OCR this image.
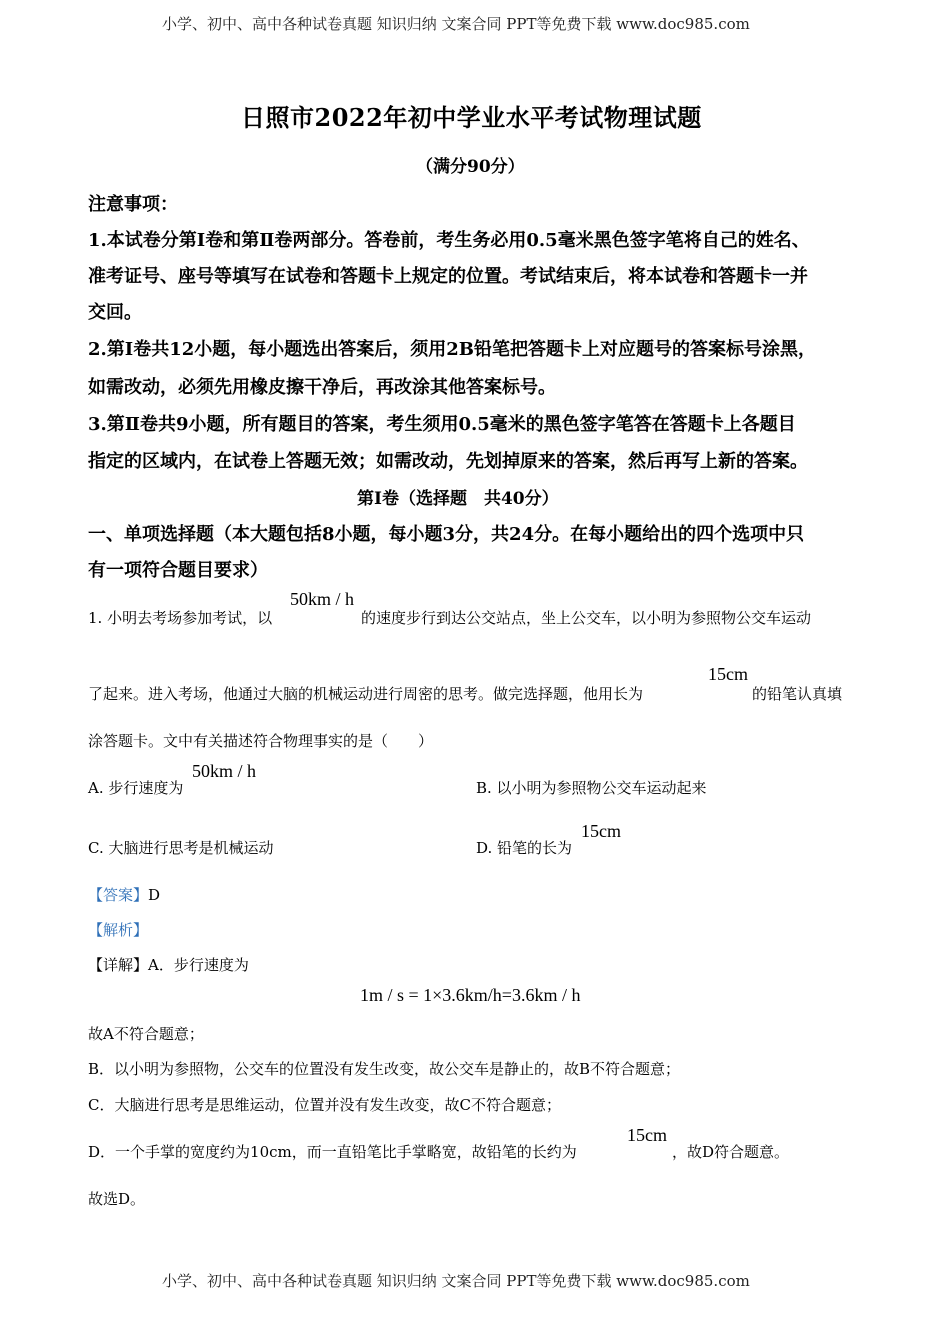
小学、初中、高中各种试卷真题 知识归纳 文案合同 PPT等免费下载 www.doc985.com
日照市2022年初中学业水平考试物理试题
（满分90分）
注意事项：
1.本试卷分第Ⅰ卷和第Ⅱ卷两部分。答卷前，考生务必用0.5毫米黑色签字笔将自己的姓名、
准考证号、座号等填写在试卷和答题卡上规定的位置。考试结束后，将本试卷和答题卡一并
交回。
2.第Ⅰ卷共12小题，每小题选出答案后，须用2B铅笔把答题卡上对应题号的答案标号涂黑，
如需改动，必须先用橡皮擦干净后，再改涂其他答案标号。
3.第Ⅱ卷共9小题，所有题目的答案，考生须用0.5毫米的黑色签字笔答在答题卡上各题目
指定的区域内，在试卷上答题无效；如需改动，先划掉原来的答案，然后再写上新的答案。
第Ⅰ卷（选择题　共40分）
一、单项选择题（本大题包括8小题，每小题3分，共24分。在每小题给出的四个选项中只
有一项符合题目要求）
1. 小明去考场参加考试，以
50km / h
的速度步行到达公交站点，坐上公交车，以小明为参照物公交车运动
了起来。进入考场，他通过大脑的机械运动进行周密的思考。做完选择题，他用长为
15cm
的铅笔认真填
涂答题卡。文中有关描述符合物理事实的是（　　）
A. 步行速度为
50km / h
B. 以小明为参照物公交车运动起来
C. 大脑进行思考是机械运动	D. 铅笔的长为
15cm
【答案】D
【解析】
【详解】A．步行速度为
1m / s = 1×3.6km/h=3.6km / h
故A不符合题意；
B．以小明为参照物，公交车的位置没有发生改变，故公交车是静止的，故B不符合题意；
C．大脑进行思考是思维运动，位置并没有发生改变，故C不符合题意；
D．一个手掌的宽度约为10cm，而一直铅笔比手掌略宽，故铅笔的长约为
15cm
，故D符合题意。
故选D。
小学、初中、高中各种试卷真题 知识归纳 文案合同 PPT等免费下载 www.doc985.com
